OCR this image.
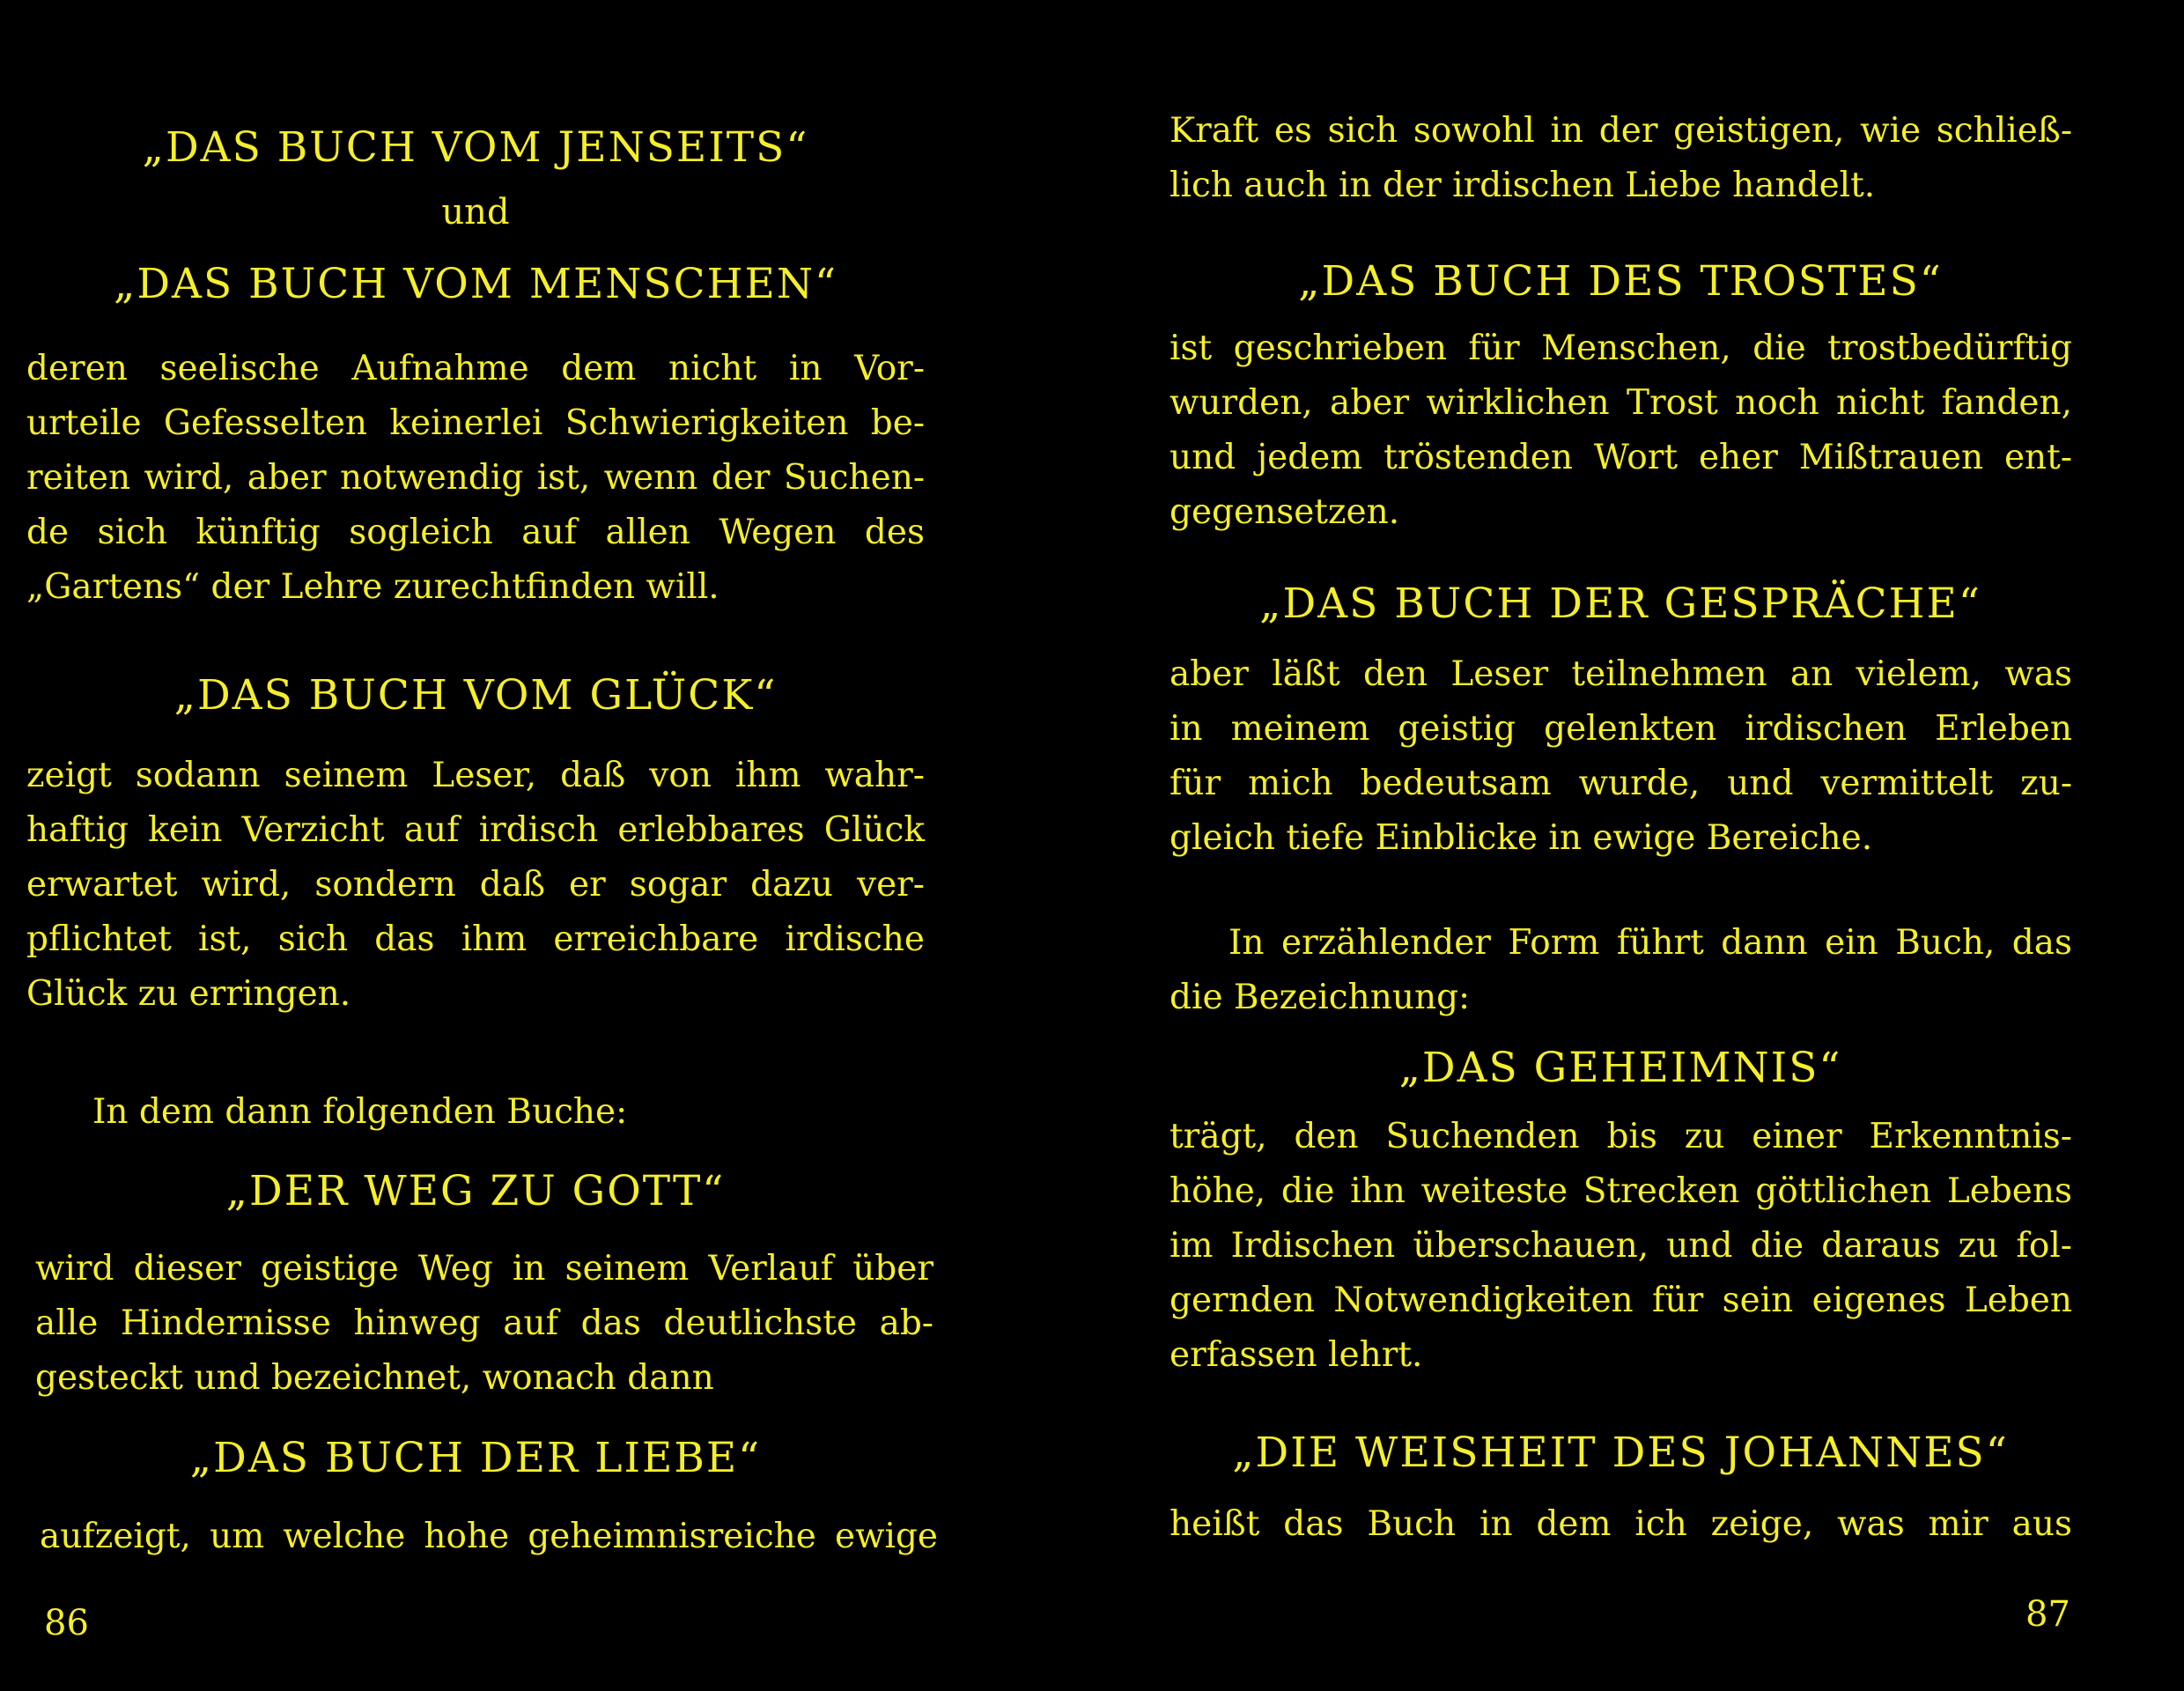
„DAS BUCH VOM JENSEITS“
und
„DAS BUCH VOM MENSCHEN“
deren seelische Aufnahme dem nicht in Vor-
urteile Gefesselten keinerlei Schwierigkeiten be-
reiten wird, aber notwendig ist, wenn der Suchen-
de sich künftig sogleich auf allen Wegen des
„Gartens“ der Lehre zurechtfinden will.
„DAS BUCH VOM GLÜCK“
zeigt sodann seinem Leser, daß von ihm wahr-
haftig kein Verzicht auf irdisch erlebbares Glück
erwartet wird, sondern daß er sogar dazu ver-
pflichtet ist, sich das ihm erreichbare irdische
Glück zu erringen.
In dem dann folgenden Buche:
„DER WEG ZU GOTT“
wird dieser geistige Weg in seinem Verlauf über
alle Hindernisse hinweg auf das deutlichste ab-
gesteckt und bezeichnet, wonach dann
„DAS BUCH DER LIEBE“
aufzeigt, um welche hohe geheimnisreiche ewige
86
Kraft es sich sowohl in der geistigen, wie schließ-
lich auch in der irdischen Liebe handelt.
„DAS BUCH DES TROSTES“
ist geschrieben für Menschen, die trostbedürftig
wurden, aber wirklichen Trost noch nicht fanden,
und jedem tröstenden Wort eher Mißtrauen ent-
gegensetzen.
„DAS BUCH DER GESPRÄCHE“
aber läßt den Leser teilnehmen an vielem, was
in meinem geistig gelenkten irdischen Erleben
für mich bedeutsam wurde, und vermittelt zu-
gleich tiefe Einblicke in ewige Bereiche.
In erzählender Form führt dann ein Buch, das
die Bezeichnung:
„DAS GEHEIMNIS“
trägt, den Suchenden bis zu einer Erkenntnis-
höhe, die ihn weiteste Strecken göttlichen Lebens
im Irdischen überschauen, und die daraus zu fol-
gernden Notwendigkeiten für sein eigenes Leben
erfassen lehrt.
„DIE WEISHEIT DES JOHANNES“
heißt das Buch in dem ich zeige, was mir aus
87
